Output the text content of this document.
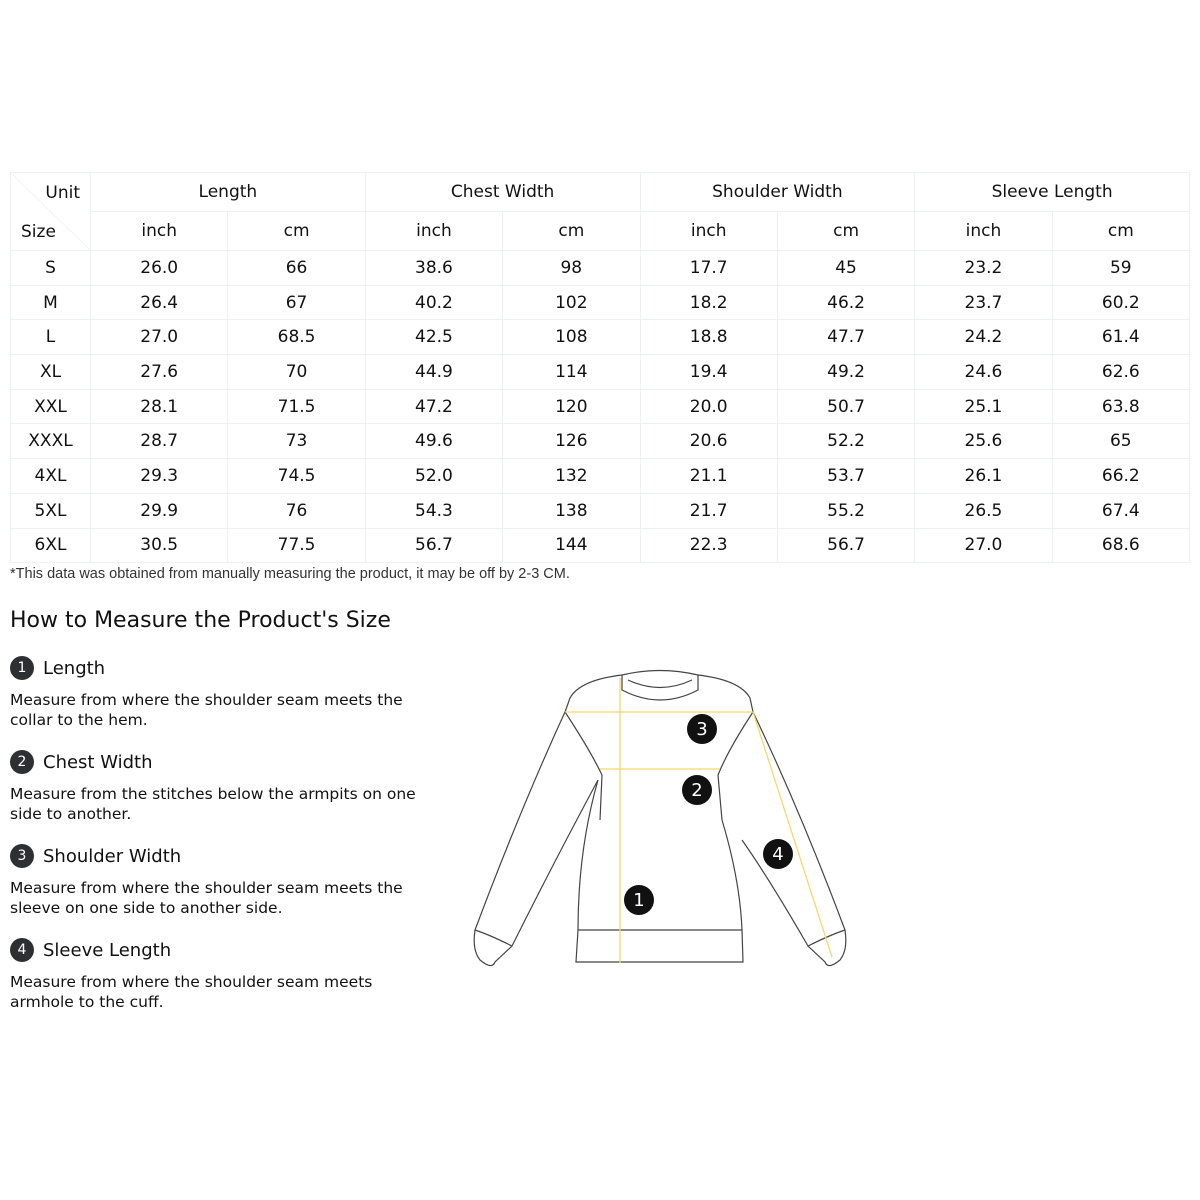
Unit
Size	Length		Chest Width		Shoulder Width		Sleeve Length	
	inch	cm	inch	cm	inch	cm	inch	cm
S	26.0	66	38.6	98	17.7	45	23.2	59
M	26.4	67	40.2	102	18.2	46.2	23.7	60.2
L	27.0	68.5	42.5	108	18.8	47.7	24.2	61.4
XL	27.6	70	44.9	114	19.4	49.2	24.6	62.6
XXL	28.1	71.5	47.2	120	20.0	50.7	25.1	63.8
XXXL	28.7	73	49.6	126	20.6	52.2	25.6	65
4XL	29.3	74.5	52.0	132	21.1	53.7	26.1	66.2
5XL	29.9	76	54.3	138	21.7	55.2	26.5	67.4
6XL	30.5	77.5	56.7	144	22.3	56.7	27.0	68.6
*This data was obtained from manually measuring the product, it may be off by 2-3 CM.
How to Measure the Product's Size
1 Length
Measure from where the shoulder seam meets the collar to the hem.
2 Chest Width
Measure from the stitches below the armpits on one side to another.
3 Shoulder Width
Measure from where the shoulder seam meets the sleeve on one side to another side.
4 Sleeve Length
Measure from where the shoulder seam meets armhole to the cuff.
3
2
4
1
